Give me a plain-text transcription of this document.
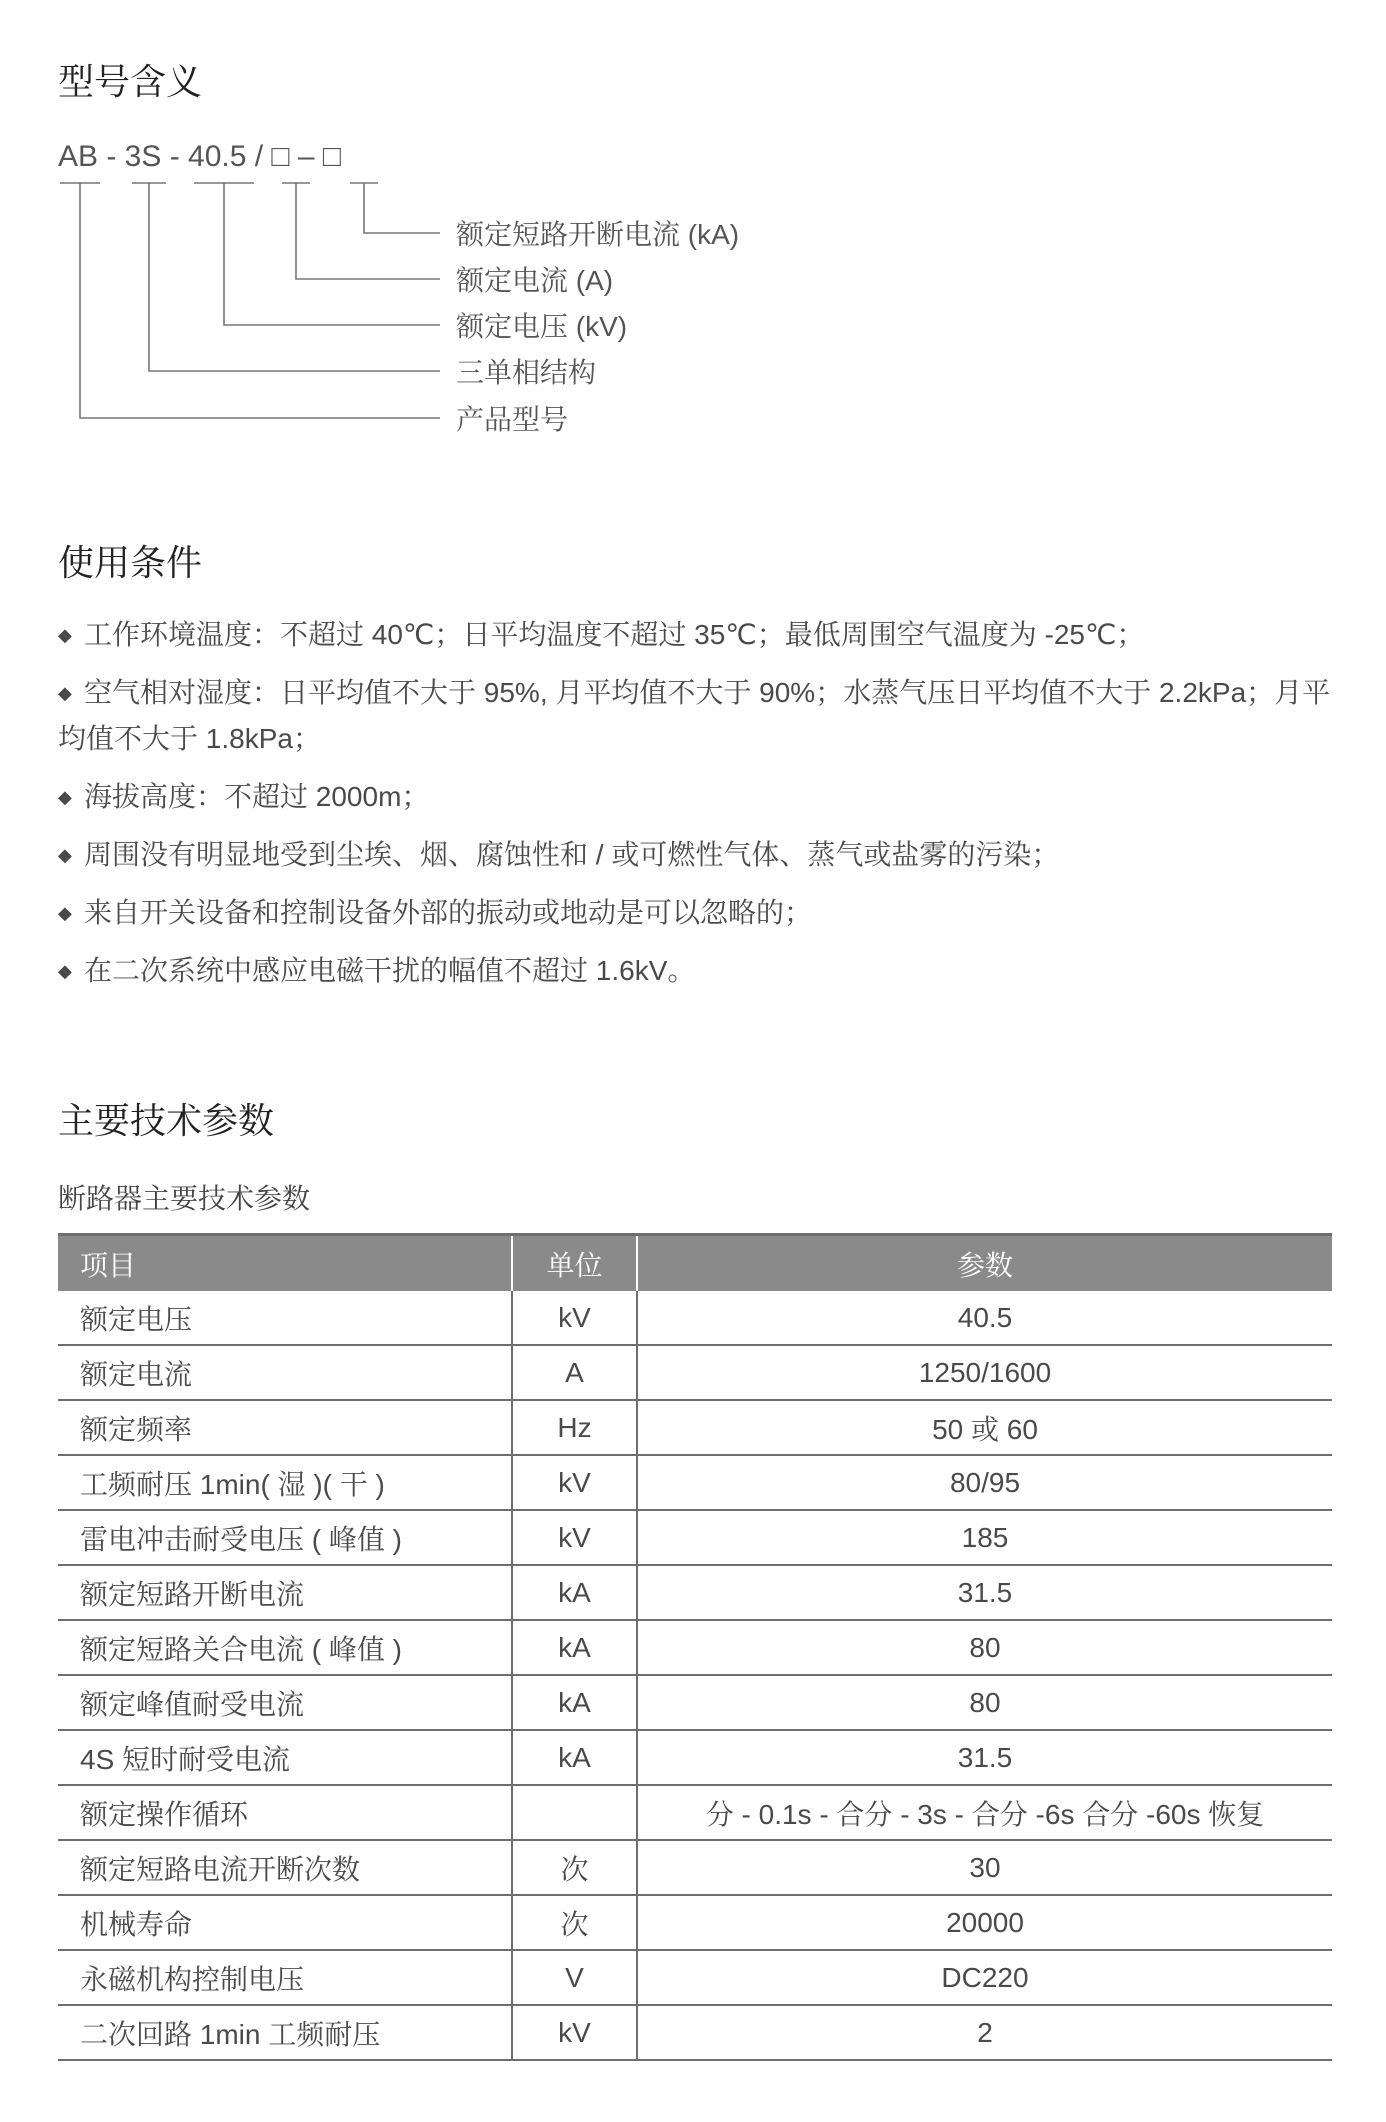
型号含义
AB - 3S - 40.5 / □ – □
额定短路开断电流 (kA)
额定电流 (A)
额定电压 (kV)
三单相结构
产品型号
使用条件
◆ 工作环境温度：不超过 40℃；日平均温度不超过 35℃；最低周围空气温度为 -25℃；
◆ 空气相对湿度：日平均值不大于 95%, 月平均值不大于 90%；水蒸气压日平均值不大于 2.2kPa；月平均值不大于 1.8kPa；
◆ 海拔高度：不超过 2000m；
◆ 周围没有明显地受到尘埃、烟、腐蚀性和 / 或可燃性气体、蒸气或盐雾的污染；
◆ 来自开关设备和控制设备外部的振动或地动是可以忽略的；
◆ 在二次系统中感应电磁干扰的幅值不超过 1.6kV。
主要技术参数
断路器主要技术参数
项目	单位	参数
额定电压	kV	40.5
额定电流	A	1250/1600
额定频率	Hz	50 或 60
工频耐压 1min( 湿 )( 干 )	kV	80/95
雷电冲击耐受电压 ( 峰值 )	kV	185
额定短路开断电流	kA	31.5
额定短路关合电流 ( 峰值 )	kA	80
额定峰值耐受电流	kA	80
4S 短时耐受电流	kA	31.5
额定操作循环		分 - 0.1s - 合分 - 3s - 合分 -6s 合分 -60s 恢复
额定短路电流开断次数	次	30
机械寿命	次	20000
永磁机构控制电压	V	DC220
二次回路 1min 工频耐压	kV	2
